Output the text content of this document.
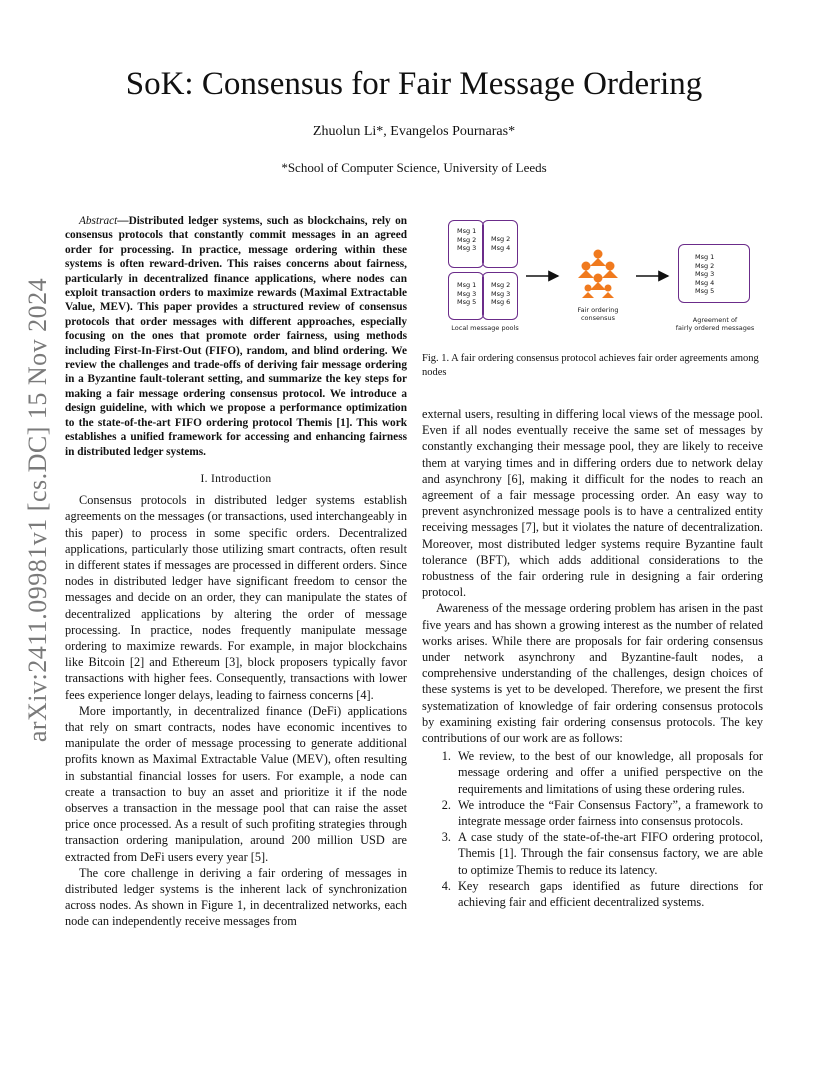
arXiv:2411.09981v1 [cs.DC] 15 Nov 2024
SoK: Consensus for Fair Message Ordering
Zhuolun Li*, Evangelos Pournaras*
*School of Computer Science, University of Leeds
Abstract—Distributed ledger systems, such as blockchains, rely on consensus protocols that constantly commit messages in an agreed order for processing. In practice, message ordering within these systems is often reward-driven. This raises concerns about fairness, particularly in decentralized finance applications, where nodes can exploit transaction orders to maximize rewards (Maximal Extractable Value, MEV). This paper provides a structured review of consensus protocols that order messages with different approaches, especially focusing on the ones that promote order fairness, using methods including First-In-First-Out (FIFO), random, and blind ordering. We review the challenges and trade-offs of deriving fair message ordering in a Byzantine fault-tolerant setting, and summarize the key steps for making a fair message ordering consensus protocol. We introduce a design guideline, with which we propose a performance optimization to the state-of-the-art FIFO ordering protocol Themis [1]. This work establishes a unified framework for accessing and enhancing fairness in distributed ledger systems.
I. Introduction

Consensus protocols in distributed ledger systems establish agreements on the messages (or transactions, used interchangeably in this paper) to process in some specific orders. Decentralized applications, particularly those utilizing smart contracts, often result in different states if messages are processed in different orders. Since nodes in distributed ledger have significant freedom to censor the messages and decide on an order, they can manipulate the states of decentralized applications by altering the order of message processing. In practice, nodes frequently manipulate message ordering to maximize rewards. For example, in major blockchains like Bitcoin [2] and Ethereum [3], block proposers typically favor transactions with higher fees. Consequently, transactions with lower fees experience longer delays, leading to fairness concerns [4].

More importantly, in decentralized finance (DeFi) applications that rely on smart contracts, nodes have economic incentives to manipulate the order of message processing to generate additional profits known as Maximal Extractable Value (MEV), often resulting in substantial financial losses for users. For example, a node can create a transaction to buy an asset and prioritize it if the node observes a transaction in the message pool that can raise the asset price once processed. As a result of such profiting strategies through transaction ordering manipulation, around 200 million USD are extracted from DeFi users every year [5].

The core challenge in deriving a fair ordering of messages in distributed ledger systems is the inherent lack of synchronization across nodes. As shown in Figure 1, in decentralized networks, each node can independently receive messages from

Msg 1
Msg 2
Msg 3
Msg 2
Msg 4
Msg 1
Msg 3
Msg 5
Msg 2
Msg 3
Msg 6
Local message pools
Fair ordering
consensus
Msg 1
Msg 2
Msg 3
Msg 4
Msg 5
Agreement of
fairly ordered messages
Fig. 1. A fair ordering consensus protocol achieves fair order agreements among nodes

external users, resulting in differing local views of the message pool. Even if all nodes eventually receive the same set of messages by constantly exchanging their message pool, they are likely to receive them at varying times and in differing orders due to network delay and asynchrony [6], making it difficult for the nodes to reach an agreement of a fair message processing order. An easy way to prevent asynchronized message pools is to have a centralized entity receiving messages [7], but it violates the nature of decentralization. Moreover, most distributed ledger systems require Byzantine fault tolerance (BFT), which adds additional considerations to the robustness of the fair ordering rule in designing a fair ordering protocol.

Awareness of the message ordering problem has arisen in the past five years and has shown a growing interest as the number of related works arises. While there are proposals for fair ordering consensus under network asynchrony and Byzantine-fault nodes, a comprehensive understanding of the challenges, design choices of these systems is yet to be developed. Therefore, we present the first systematization of knowledge of fair ordering consensus protocols by examining existing fair ordering consensus protocols. The key contributions of our work are as follows:

1. We review, to the best of our knowledge, all proposals for message ordering and offer a unified perspective on the requirements and limitations of using these ordering rules.
2. We introduce the “Fair Consensus Factory”, a framework to integrate message order fairness into consensus protocols.
3. A case study of the state-of-the-art FIFO ordering protocol, Themis [1]. Through the fair consensus factory, we are able to optimize Themis to reduce its latency.
4. Key research gaps identified as future directions for achieving fair and efficient decentralized systems.
